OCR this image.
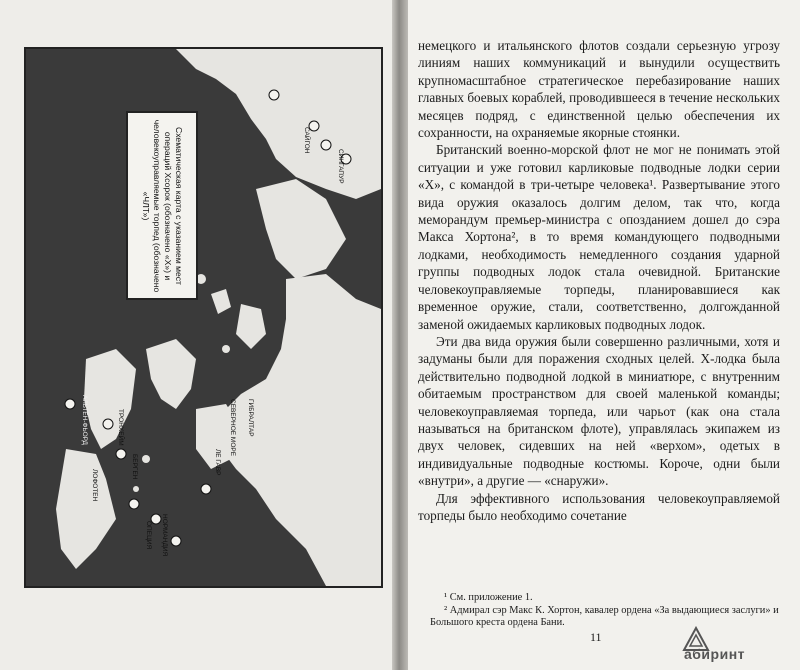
Схематическая карта с указанием мест операций Хсорок (обозначено «Х») и человекоуправляемые торпед (обозначено «ЧЛТ»)
АЛЬТЕН-ФЬОРД	ТРОНХЕЙМ
ЛОФОТЕН
БЕРГЕН
НОРМАНДИЯ
ОПЕЦИЯ
ЛЕ ГАВР
СЕВЕРНОЕ МОРЕ ГИБРАЛТАР
СИНГАПУР
САЙГОН

немецкого и итальянского флотов создали серьезную угрозу линиям наших коммуникаций и вынудили осуществить крупномасштабное стратегическое перебазирование наших главных боевых кораблей, проводившееся в течение нескольких месяцев подряд, с единственной целью обеспечения их сохранности, на охраняемые якорные стоянки.

Британский военно-морской флот не мог не понимать этой ситуации и уже готовил карликовые подводные лодки серии «Х», с командой в три-четыре человека¹. Развертывание этого вида оружия оказалось долгим делом, так что, когда меморандум премьер-министра с опозданием дошел до сэра Макса Хортона², в то время командующего подводными лодками, необходимость немедленного создания ударной группы подводных лодок стала очевидной. Британские человекоуправляемые торпеды, планировавшиеся как временное оружие, стали, соответственно, долгожданной заменой ожидаемых карликовых подводных лодок.

Эти два вида оружия были совершенно различными, хотя и задуманы были для поражения сходных целей. Х-лодка была действительно подводной лодкой в миниатюре, с внутренним обитаемым пространством для своей маленькой команды; человекоуправляемая торпеда, или чарьот (как она стала называться на британском флоте), управлялась экипажем из двух человек, сидевших на ней «верхом», одетых в индивидуальные подводные костюмы. Короче, одни были «внутри», а другие — «снаружи».

Для эффективного использования человекоуправляемой торпеды было необходимо сочетание

¹ См. приложение 1.

² Адмирал сэр Макс К. Хортон, кавалер ордена «За выдающиеся заслуги» и Большого креста ордена Бани.

11
абиринт
